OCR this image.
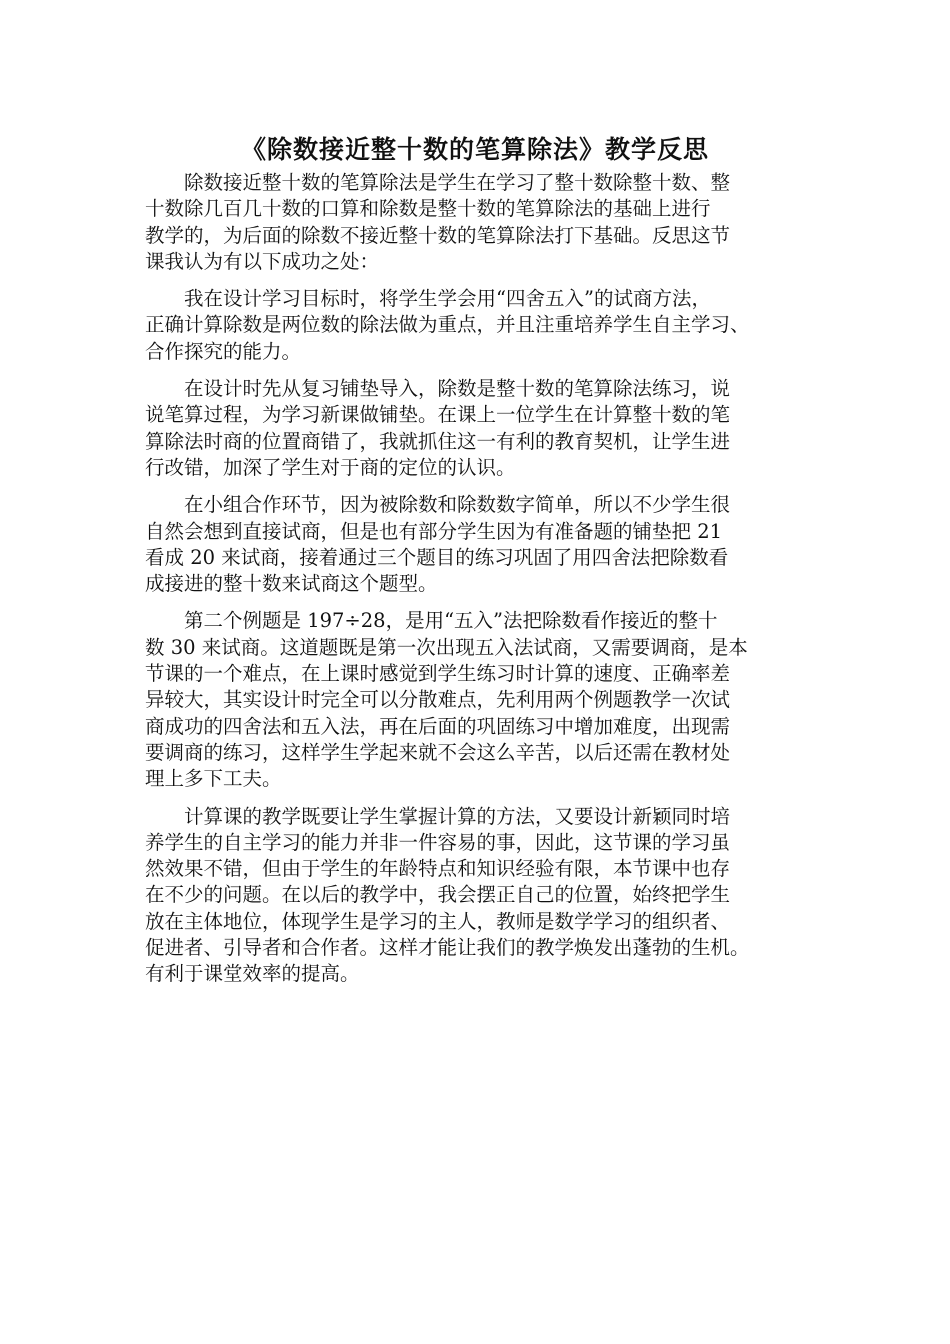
《除数接近整十数的笔算除法》教学反思

除数接近整十数的笔算除法是学生在学习了整十数除整十数、整
十数除几百几十数的口算和除数是整十数的笔算除法的基础上进行
教学的，为后面的除数不接近整十数的笔算除法打下基础。反思这节
课我认为有以下成功之处：

我在设计学习目标时，将学生学会用“四舍五入”的试商方法，
正确计算除数是两位数的除法做为重点，并且注重培养学生自主学习、
合作探究的能力。

在设计时先从复习铺垫导入，除数是整十数的笔算除法练习，说
说笔算过程，为学习新课做铺垫。在课上一位学生在计算整十数的笔
算除法时商的位置商错了，我就抓住这一有利的教育契机，让学生进
行改错，加深了学生对于商的定位的认识。

在小组合作环节，因为被除数和除数数字简单，所以不少学生很
自然会想到直接试商，但是也有部分学生因为有准备题的铺垫把 21
看成 20 来试商，接着通过三个题目的练习巩固了用四舍法把除数看
成接进的整十数来试商这个题型。

第二个例题是 197÷28，是用“五入”法把除数看作接近的整十
数 30 来试商。这道题既是第一次出现五入法试商，又需要调商，是本
节课的一个难点，在上课时感觉到学生练习时计算的速度、正确率差
异较大，其实设计时完全可以分散难点，先利用两个例题教学一次试
商成功的四舍法和五入法，再在后面的巩固练习中增加难度，出现需
要调商的练习，这样学生学起来就不会这么辛苦，以后还需在教材处
理上多下工夫。

计算课的教学既要让学生掌握计算的方法，又要设计新颖同时培
养学生的自主学习的能力并非一件容易的事，因此，这节课的学习虽
然效果不错，但由于学生的年龄特点和知识经验有限，本节课中也存
在不少的问题。在以后的教学中，我会摆正自己的位置，始终把学生
放在主体地位，体现学生是学习的主人，教师是数学学习的组织者、
促进者、引导者和合作者。这样才能让我们的教学焕发出蓬勃的生机。
有利于课堂效率的提高。
